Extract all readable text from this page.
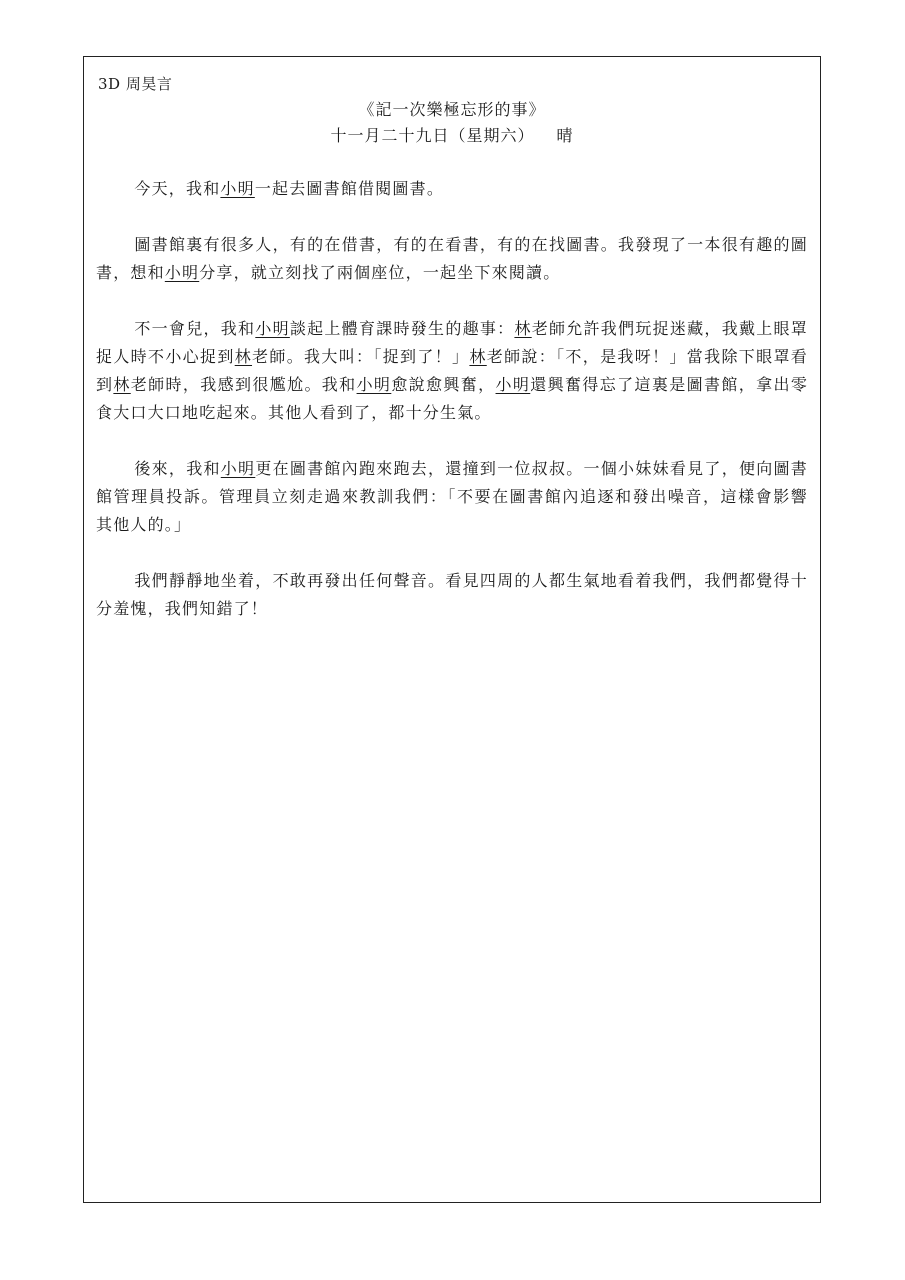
3D 周昊言
《記一次樂極忘形的事》
十一月二十九日（星期六） 晴

今天，我和小明一起去圖書館借閱圖書。

圖書館裏有很多人，有的在借書，有的在看書，有的在找圖書。我發現了一本很有趣的圖書，想和小明分享，就立刻找了兩個座位，一起坐下來閱讀。

不一會兒，我和小明談起上體育課時發生的趣事：林老師允許我們玩捉迷藏，我戴上眼罩捉人時不小心捉到林老師。我大叫：「捉到了！」林老師說：「不，是我呀！」當我除下眼罩看到林老師時，我感到很尷尬。我和小明愈說愈興奮，小明還興奮得忘了這裏是圖書館，拿出零食大口大口地吃起來。其他人看到了，都十分生氣。

後來，我和小明更在圖書館內跑來跑去，還撞到一位叔叔。一個小妹妹看見了，便向圖書館管理員投訴。管理員立刻走過來教訓我們：「不要在圖書館內追逐和發出噪音，這樣會影響其他人的。」

我們靜靜地坐着，不敢再發出任何聲音。看見四周的人都生氣地看着我們，我們都覺得十分羞愧，我們知錯了！
